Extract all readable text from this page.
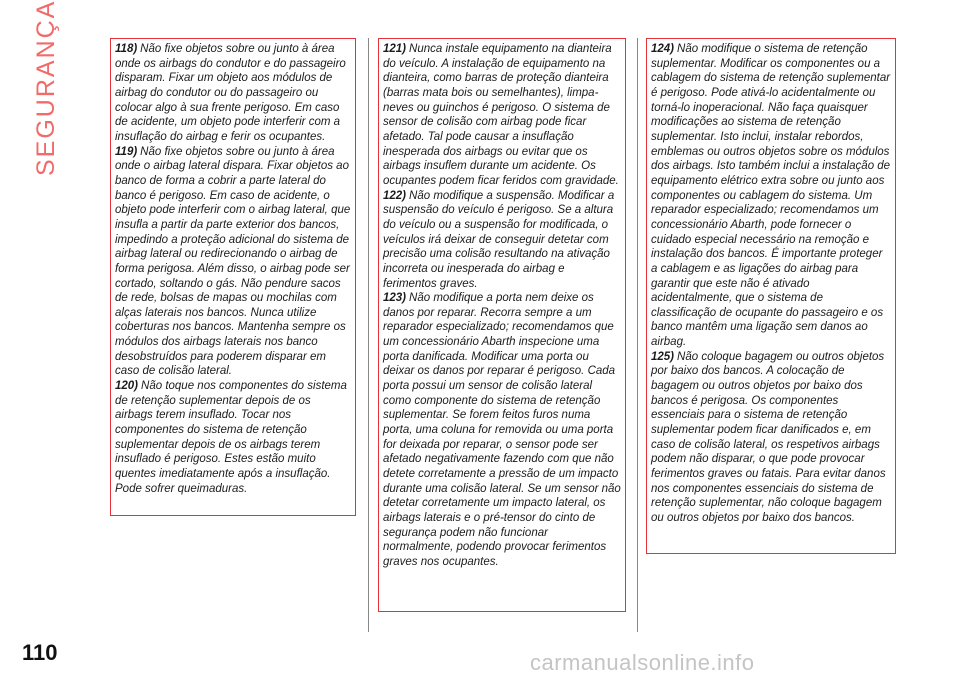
SEGURANÇA	118) Não fixe objetos sobre ou junto à área onde os airbags do condutor e do passageiro disparam. Fixar um objeto aos módulos de airbag do condutor ou do passageiro ou colocar algo à sua frente perigoso. Em caso de acidente, um objeto pode interferir com a insuflação do airbag e ferir os ocupantes.

119) Não fixe objetos sobre ou junto à área onde o airbag lateral dispara. Fixar objetos ao banco de forma a cobrir a parte lateral do banco é perigoso. Em caso de acidente, o objeto pode interferir com o airbag lateral, que insufla a partir da parte exterior dos bancos, impedindo a proteção adicional do sistema de airbag lateral ou redirecionando o airbag de forma perigosa. Além disso, o airbag pode ser cortado, soltando o gás. Não pendure sacos de rede, bolsas de mapas ou mochilas com alças laterais nos bancos. Nunca utilize coberturas nos bancos. Mantenha sempre os módulos dos airbags laterais nos banco desobstruídos para poderem disparar em caso de colisão lateral.

120) Não toque nos componentes do sistema de retenção suplementar depois de os airbags terem insuflado. Tocar nos componentes do sistema de retenção suplementar depois de os airbags terem insuflado é perigoso. Estes estão muito quentes imediatamente após a insuflação. Pode sofrer queimaduras.

121) Nunca instale equipamento na dianteira do veículo. A instalação de equipamento na dianteira, como barras de proteção dianteira (barras mata bois ou semelhantes), limpa-neves ou guinchos é perigoso. O sistema de sensor de colisão com airbag pode ficar afetado. Tal pode causar a insuflação inesperada dos airbags ou evitar que os airbags insuflem durante um acidente. Os ocupantes podem ficar feridos com gravidade.

122) Não modifique a suspensão. Modificar a suspensão do veículo é perigoso. Se a altura do veículo ou a suspensão for modificada, o veículos irá deixar de conseguir detetar com precisão uma colisão resultando na ativação incorreta ou inesperada do airbag e ferimentos graves.

123) Não modifique a porta nem deixe os danos por reparar. Recorra sempre a um reparador especializado; recomendamos que um concessionário Abarth inspecione uma porta danificada. Modificar uma porta ou deixar os danos por reparar é perigoso. Cada porta possui um sensor de colisão lateral como componente do sistema de retenção suplementar. Se forem feitos furos numa porta, uma coluna for removida ou uma porta for deixada por reparar, o sensor pode ser afetado negativamente fazendo com que não detete corretamente a pressão de um impacto durante uma colisão lateral. Se um sensor não detetar corretamente um impacto lateral, os airbags laterais e o pré-tensor do cinto de segurança podem não funcionar normalmente, podendo provocar ferimentos graves nos ocupantes.

124) Não modifique o sistema de retenção suplementar. Modificar os componentes ou a cablagem do sistema de retenção suplementar é perigoso. Pode ativá-lo acidentalmente ou torná-lo inoperacional. Não faça quaisquer modificações ao sistema de retenção suplementar. Isto inclui, instalar rebordos, emblemas ou outros objetos sobre os módulos dos airbags. Isto também inclui a instalação de equipamento elétrico extra sobre ou junto aos componentes ou cablagem do sistema. Um reparador especializado; recomendamos um concessionário Abarth, pode fornecer o cuidado especial necessário na remoção e instalação dos bancos. É importante proteger a cablagem e as ligações do airbag para garantir que este não é ativado acidentalmente, que o sistema de classificação de ocupante do passageiro e os banco mantêm uma ligação sem danos ao airbag.

125) Não coloque bagagem ou outros objetos por baixo dos bancos. A colocação de bagagem ou outros objetos por baixo dos bancos é perigosa. Os componentes essenciais para o sistema de retenção suplementar podem ficar danificados e, em caso de colisão lateral, os respetivos airbags podem não disparar, o que pode provocar ferimentos graves ou fatais. Para evitar danos nos componentes essenciais do sistema de retenção suplementar, não coloque bagagem ou outros objetos por baixo dos bancos.

110	carmanualsonline.info
